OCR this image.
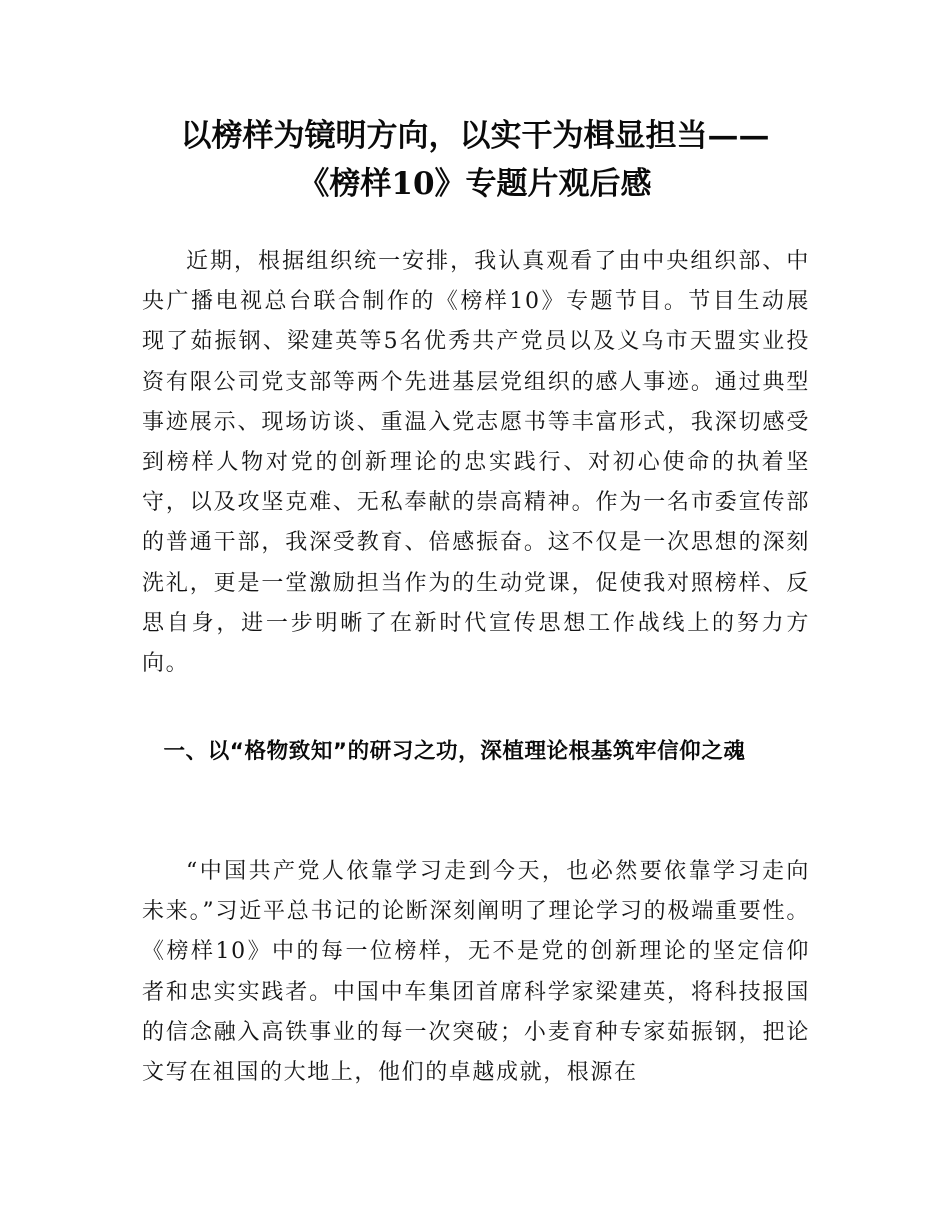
以榜样为镜明方向，以实干为楫显担当——
《榜样10》专题片观后感

近期，根据组织统一安排，我认真观看了由中央组织部、中央广播电视总台联合制作的《榜样10》专题节目。节目生动展现了茹振钢、梁建英等5名优秀共产党员以及义乌市天盟实业投资有限公司党支部等两个先进基层党组织的感人事迹。通过典型事迹展示、现场访谈、重温入党志愿书等丰富形式，我深切感受到榜样人物对党的创新理论的忠实践行、对初心使命的执着坚守，以及攻坚克难、无私奉献的崇高精神。作为一名市委宣传部的普通干部，我深受教育、倍感振奋。这不仅是一次思想的深刻洗礼，更是一堂激励担当作为的生动党课，促使我对照榜样、反思自身，进一步明晰了在新时代宣传思想工作战线上的努力方向。

一、以“格物致知”的研习之功，深植理论根基筑牢信仰之魂

“中国共产党人依靠学习走到今天，也必然要依靠学习走向未来。”习近平总书记的论断深刻阐明了理论学习的极端重要性。《榜样10》中的每一位榜样，无不是党的创新理论的坚定信仰者和忠实实践者。中国中车集团首席科学家梁建英，将科技报国的信念融入高铁事业的每一次突破；小麦育种专家茹振钢，把论文写在祖国的大地上，他们的卓越成就，根源在
